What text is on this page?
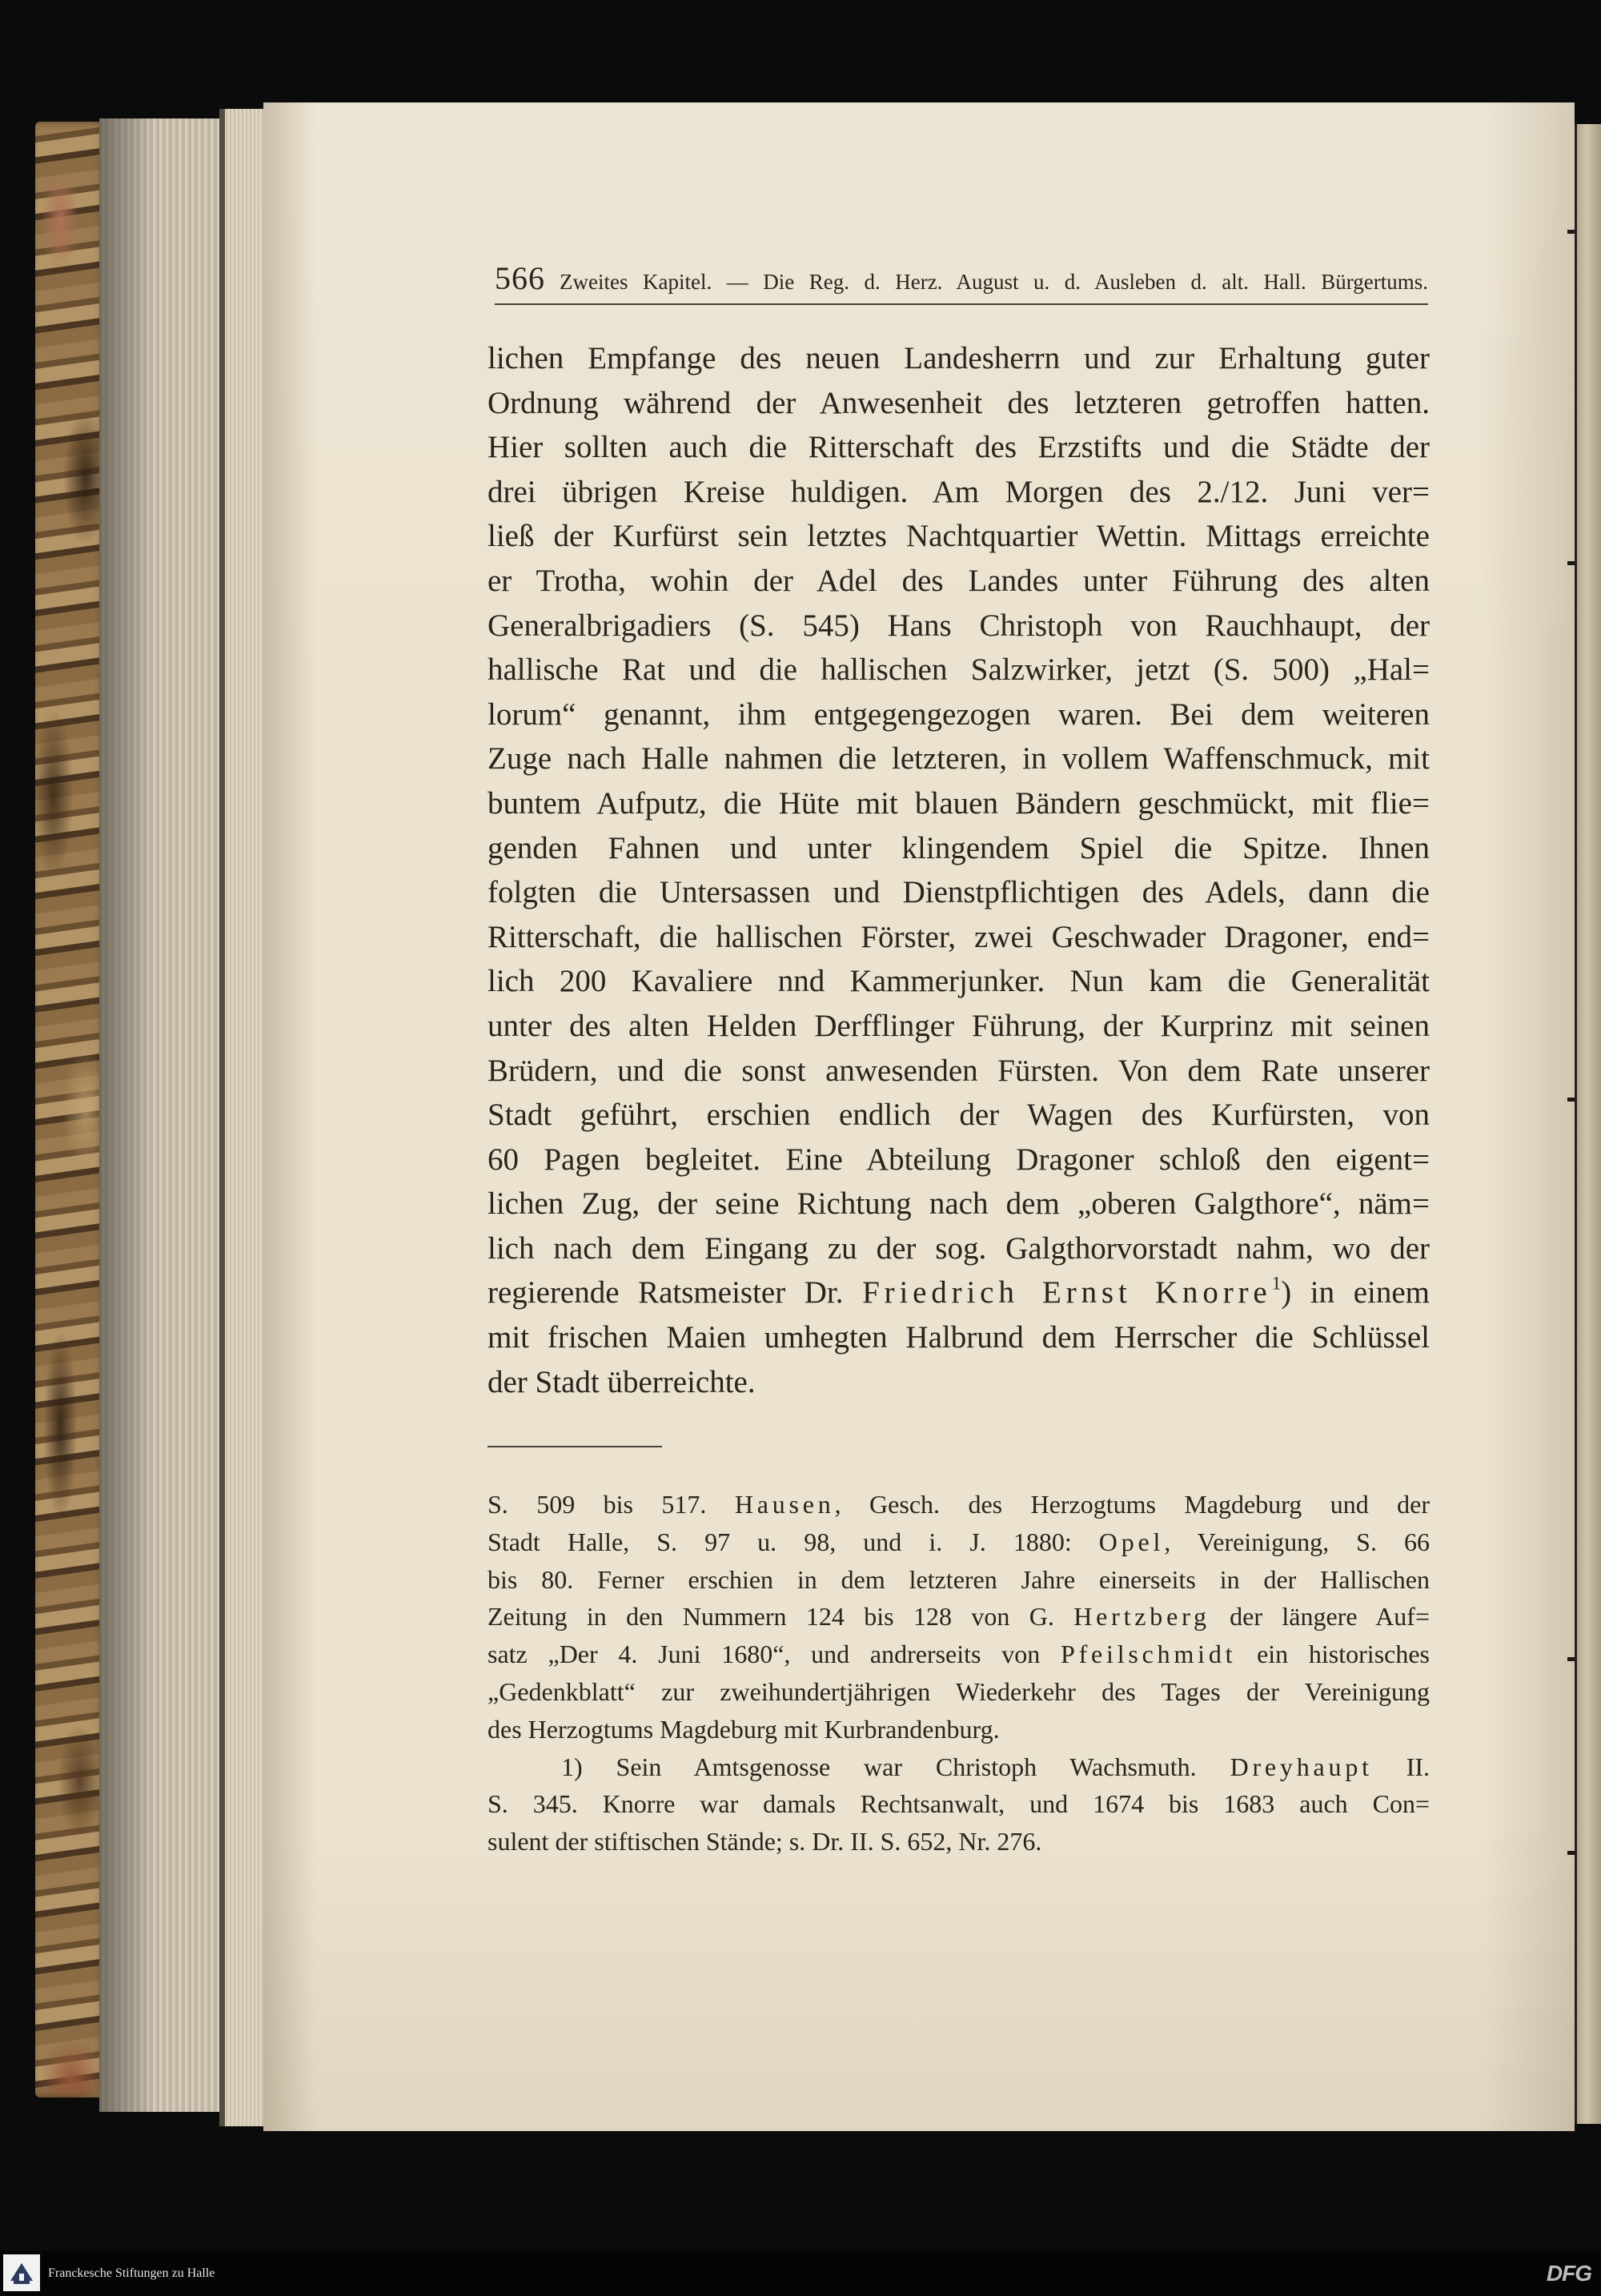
566 Zweites Kapitel. — Die Reg. d. Herz. August u. d. Ausleben d. alt. Hall. Bürgertums.
lichen Empfange des neuen Landesherrn und zur Erhaltung guter
Ordnung während der Anwesenheit des letzteren getroffen hatten.
Hier sollten auch die Ritterschaft des Erzstifts und die Städte der
drei übrigen Kreise huldigen. Am Morgen des 2./12. Juni ver=
ließ der Kurfürst sein letztes Nachtquartier Wettin. Mittags erreichte
er Trotha, wohin der Adel des Landes unter Führung des alten
Generalbrigadiers (S. 545) Hans Christoph von Rauchhaupt, der
hallische Rat und die hallischen Salzwirker, jetzt (S. 500) „Hal=
lorum“ genannt, ihm entgegengezogen waren. Bei dem weiteren
Zuge nach Halle nahmen die letzteren, in vollem Waffenschmuck, mit
buntem Aufputz, die Hüte mit blauen Bändern geschmückt, mit flie=
genden Fahnen und unter klingendem Spiel die Spitze. Ihnen
folgten die Untersassen und Dienstpflichtigen des Adels, dann die
Ritterschaft, die hallischen Förster, zwei Geschwader Dragoner, end=
lich 200 Kavaliere nnd Kammerjunker. Nun kam die Generalität
unter des alten Helden Derfflinger Führung, der Kurprinz mit seinen
Brüdern, und die sonst anwesenden Fürsten. Von dem Rate unserer
Stadt geführt, erschien endlich der Wagen des Kurfürsten, von
60 Pagen begleitet. Eine Abteilung Dragoner schloß den eigent=
lichen Zug, der seine Richtung nach dem „oberen Galgthore“, näm=
lich nach dem Eingang zu der sog. Galgthorvorstadt nahm, wo der
regierende Ratsmeister Dr. Friedrich Ernst Knorre$^1$) in einem
mit frischen Maien umhegten Halbrund dem Herrscher die Schlüssel
der Stadt überreichte.
S. 509 bis 517. Hausen, Gesch. des Herzogtums Magdeburg und der
Stadt Halle, S. 97 u. 98, und i. J. 1880: Opel, Vereinigung, S. 66
bis 80. Ferner erschien in dem letzteren Jahre einerseits in der Hallischen
Zeitung in den Nummern 124 bis 128 von G. Hertzberg der längere Auf=
satz „Der 4. Juni 1680“, und andrerseits von Pfeilschmidt ein historisches
„Gedenkblatt“ zur zweihundertjährigen Wiederkehr des Tages der Vereinigung
des Herzogtums Magdeburg mit Kurbrandenburg.
1) Sein Amtsgenosse war Christoph Wachsmuth. Dreyhaupt II.
S. 345. Knorre war damals Rechtsanwalt, und 1674 bis 1683 auch Con=
sulent der stiftischen Stände; s. Dr. II. S. 652, Nr. 276.
Franckesche Stiftungen zu Halle	DFG
